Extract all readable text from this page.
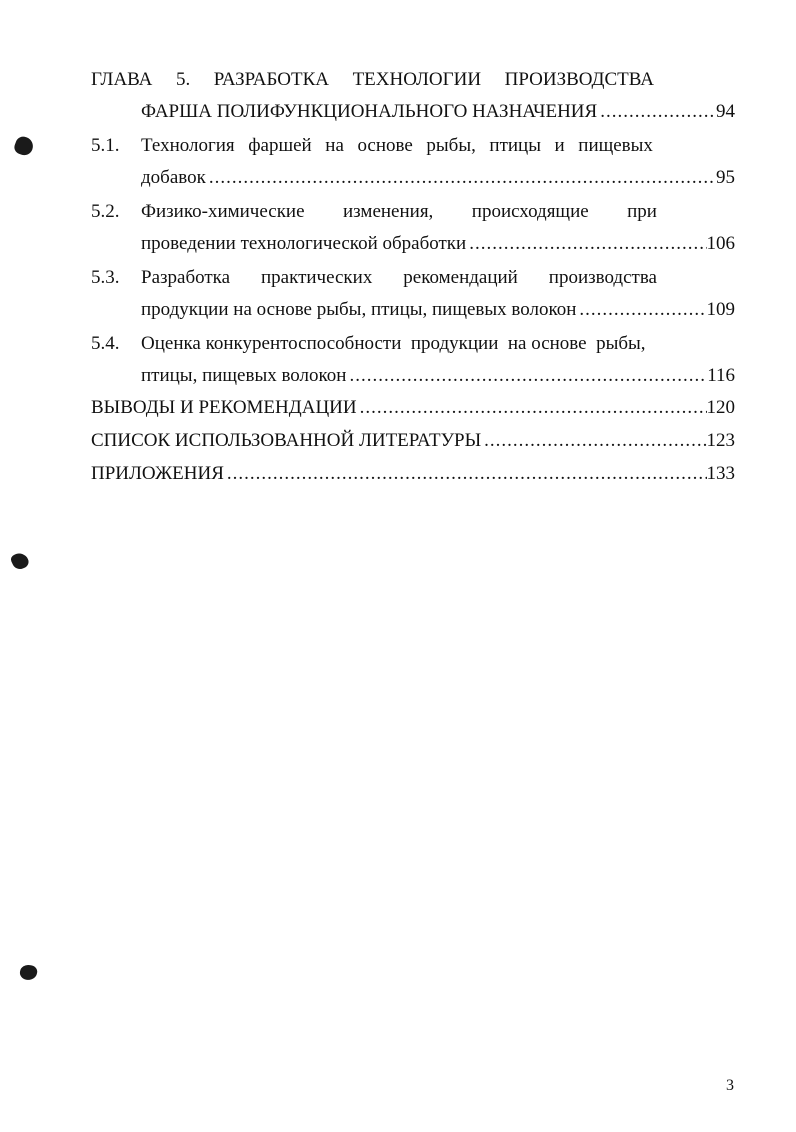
ГЛАВА 5. РАЗРАБОТКА ТЕХНОЛОГИИ ПРОИЗВОДСТВА
ФАРША ПОЛИФУНКЦИОНАЛЬНОГО НАЗНАЧЕНИЯ .....	94
5.1. Технология фаршей на основе рыбы, птицы и пищевых
добавок .....	95
5.2. Физико-химические изменения, происходящие при
проведении технологической обработки .....	106
5.3. Разработка практических рекомендаций производства
продукции на основе рыбы, птицы, пищевых волокон .....	109
5.4. Оценка конкурентоспособности  продукции  на основе  рыбы,
птицы, пищевых волокон .....	116
ВЫВОДЫ И РЕКОМЕНДАЦИИ .....	120
СПИСОК ИСПОЛЬЗОВАННОЙ ЛИТЕРАТУРЫ .....	123
ПРИЛОЖЕНИЯ .....	133
3
